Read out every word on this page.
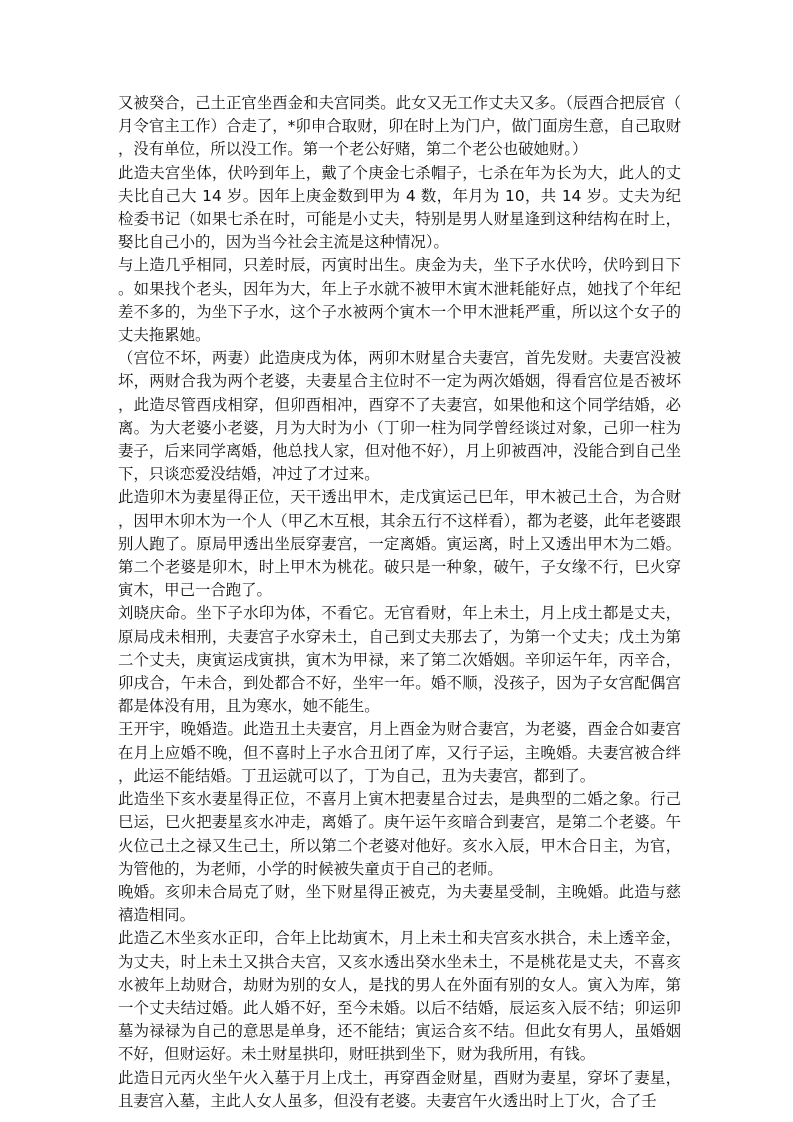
又被癸合，己土正官坐酉金和夫宫同类。此女又无工作丈夫又多。（辰酉合把辰官（月令官主工作）合走了，*卯申合取财，卯在时上为门户，做门面房生意，自己取财，没有单位，所以没工作。第一个老公好赌，第二个老公也破她财。）

此造夫宫坐体，伏吟到年上，戴了个庚金七杀帽子，七杀在年为长为大，此人的丈夫比自己大 14 岁。因年上庚金数到甲为 4 数，年月为 10，共 14 岁。丈夫为纪检委书记（如果七杀在时，可能是小丈夫，特别是男人财星逢到这种结构在时上，娶比自己小的，因为当今社会主流是这种情况）。

与上造几乎相同，只差时辰，丙寅时出生。庚金为夫，坐下子水伏吟，伏吟到日下。如果找个老头，因年为大，年上子水就不被甲木寅木泄耗能好点，她找了个年纪差不多的，为坐下子水，这个子水被两个寅木一个甲木泄耗严重，所以这个女子的丈夫拖累她。

（宫位不坏，两妻）此造庚戌为体，两卯木财星合夫妻宫，首先发财。夫妻宫没被坏，两财合我为两个老婆，夫妻星合主位时不一定为两次婚姻，得看宫位是否被坏，此造尽管酉戌相穿，但卯酉相冲，酉穿不了夫妻宫，如果他和这个同学结婚，必离。为大老婆小老婆，月为大时为小（丁卯一柱为同学曾经谈过对象，己卯一柱为妻子，后来同学离婚，他总找人家，但对他不好），月上卯被酉冲，没能合到自己坐下，只谈恋爱没结婚，冲过了才过来。

此造卯木为妻星得正位，天干透出甲木，走戊寅运己巳年，甲木被己土合，为合财，因甲木卯木为一个人（甲乙木互根，其余五行不这样看），都为老婆，此年老婆跟别人跑了。原局甲透出坐辰穿妻宫，一定离婚。寅运离，时上又透出甲木为二婚。第二个老婆是卯木，时上甲木为桃花。破只是一种象，破午，子女缘不行，巳火穿寅木，甲己一合跑了。

刘晓庆命。坐下子水印为体，不看它。无官看财，年上未土，月上戌土都是丈夫，原局戌未相刑，夫妻宫子水穿未土，自己到丈夫那去了，为第一个丈夫；戊土为第二个丈夫，庚寅运戌寅拱，寅木为甲禄，来了第二次婚姻。辛卯运午年，丙辛合，卯戌合，午未合，到处都合不好，坐牢一年。婚不顺，没孩子，因为子女宫配偶宫都是体没有用，且为寒水，她不能生。

王开宇，晚婚造。此造丑土夫妻宫，月上酉金为财合妻宫，为老婆，酉金合如妻宫在月上应婚不晚，但不喜时上子水合丑闭了库，又行子运，主晚婚。夫妻宫被合绊，此运不能结婚。丁丑运就可以了，丁为自己，丑为夫妻宫，都到了。

此造坐下亥水妻星得正位，不喜月上寅木把妻星合过去，是典型的二婚之象。行己巳运，巳火把妻星亥水冲走，离婚了。庚午运午亥暗合到妻宫，是第二个老婆。午火位己土之禄又生己土，所以第二个老婆对他好。亥水入辰，甲木合日主，为官，为管他的，为老师，小学的时候被失童贞于自己的老师。

晚婚。亥卯未合局克了财，坐下财星得正被克，为夫妻星受制，主晚婚。此造与慈禧造相同。

此造乙木坐亥水正印，合年上比劫寅木，月上未土和夫宫亥水拱合，未上透辛金，为丈夫，时上未土又拱合夫宫，又亥水透出癸水坐未土，不是桃花是丈夫，不喜亥水被年上劫财合，劫财为别的女人，是找的男人在外面有别的女人。寅入为库，第一个丈夫结过婚。此人婚不好，至今未婚。以后不结婚，辰运亥入辰不结；卯运卯墓为禄禄为自己的意思是单身，还不能结；寅运合亥不结。但此女有男人，虽婚姻不好，但财运好。未土财星拱印，财旺拱到坐下，财为我所用，有钱。

此造日元丙火坐午火入墓于月上戊土，再穿酉金财星，酉财为妻星，穿坏了妻星，且妻宫入墓，主此人女人虽多，但没有老婆。夫妻宫午火透出时上丁火，合了壬
